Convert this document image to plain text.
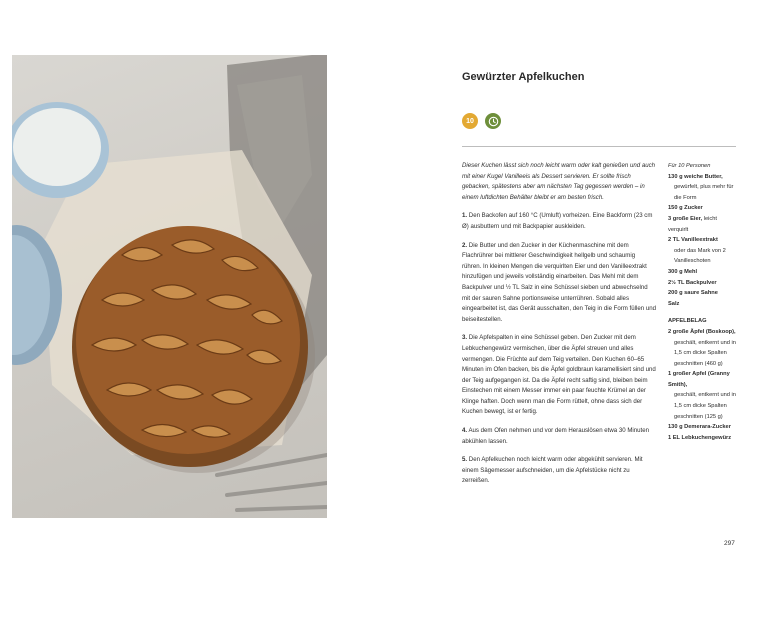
Gewürzter Apfelkuchen
10

Dieser Kuchen lässt sich noch leicht warm oder kalt genießen und auch mit einer Kugel Vanilleeis als Dessert servieren. Er sollte frisch gebacken, spätestens aber am nächsten Tag gegessen werden – in einem luftdichten Behälter bleibt er am besten frisch.

1. Den Backofen auf 160 °C (Umluft) vorheizen. Eine Backform (23 cm Ø) ausbuttern und mit Backpapier auskleiden.

2. Die Butter und den Zucker in der Küchenmaschine mit dem Flachrührer bei mittlerer Geschwindigkeit hellgelb und schaumig rühren. In kleinen Mengen die verquirlten Eier und den Vanilleextrakt hinzufügen und jeweils vollständig einarbeiten. Das Mehl mit dem Backpulver und ½ TL Salz in eine Schüssel sieben und abwechselnd mit der sauren Sahne portionsweise unterrühren. Sobald alles eingearbeitet ist, das Gerät ausschalten, den Teig in die Form füllen und beiseitestellen.

3. Die Apfelspalten in eine Schüssel geben. Den Zucker mit dem Lebkuchengewürz vermischen, über die Äpfel streuen und alles vermengen. Die Früchte auf dem Teig verteilen. Den Kuchen 60–65 Minuten im Ofen backen, bis die Äpfel goldbraun karamellisiert sind und der Teig aufgegangen ist. Da die Äpfel recht saftig sind, bleiben beim Einstechen mit einem Messer immer ein paar feuchte Krümel an der Klinge haften. Doch wenn man die Form rüttelt, ohne dass sich der Kuchen bewegt, ist er fertig.

4. Aus dem Ofen nehmen und vor dem Herauslösen etwa 30 Minuten abkühlen lassen.

5. Den Apfelkuchen noch leicht warm oder abgekühlt servieren. Mit einem Sägemesser aufschneiden, um die Apfelstücke nicht zu zerreißen.

Für 10 Personen
130 g weiche Butter,
gewürfelt, plus mehr für die Form
150 g Zucker
3 große Eier, leicht verquirlt
2 TL Vanilleextrakt
oder das Mark von 2 Vanilleschoten
300 g Mehl
2½ TL Backpulver
200 g saure Sahne
Salz
APFELBELAG
2 große Äpfel (Boskoop),
geschält, entkernt und in 1,5 cm dicke Spalten geschnitten (460 g)
1 großer Apfel (Granny Smith),
geschält, entkernt und in 1,5 cm dicke Spalten geschnitten (125 g)
130 g Demerara-Zucker
1 EL Lebkuchengewürz
297
